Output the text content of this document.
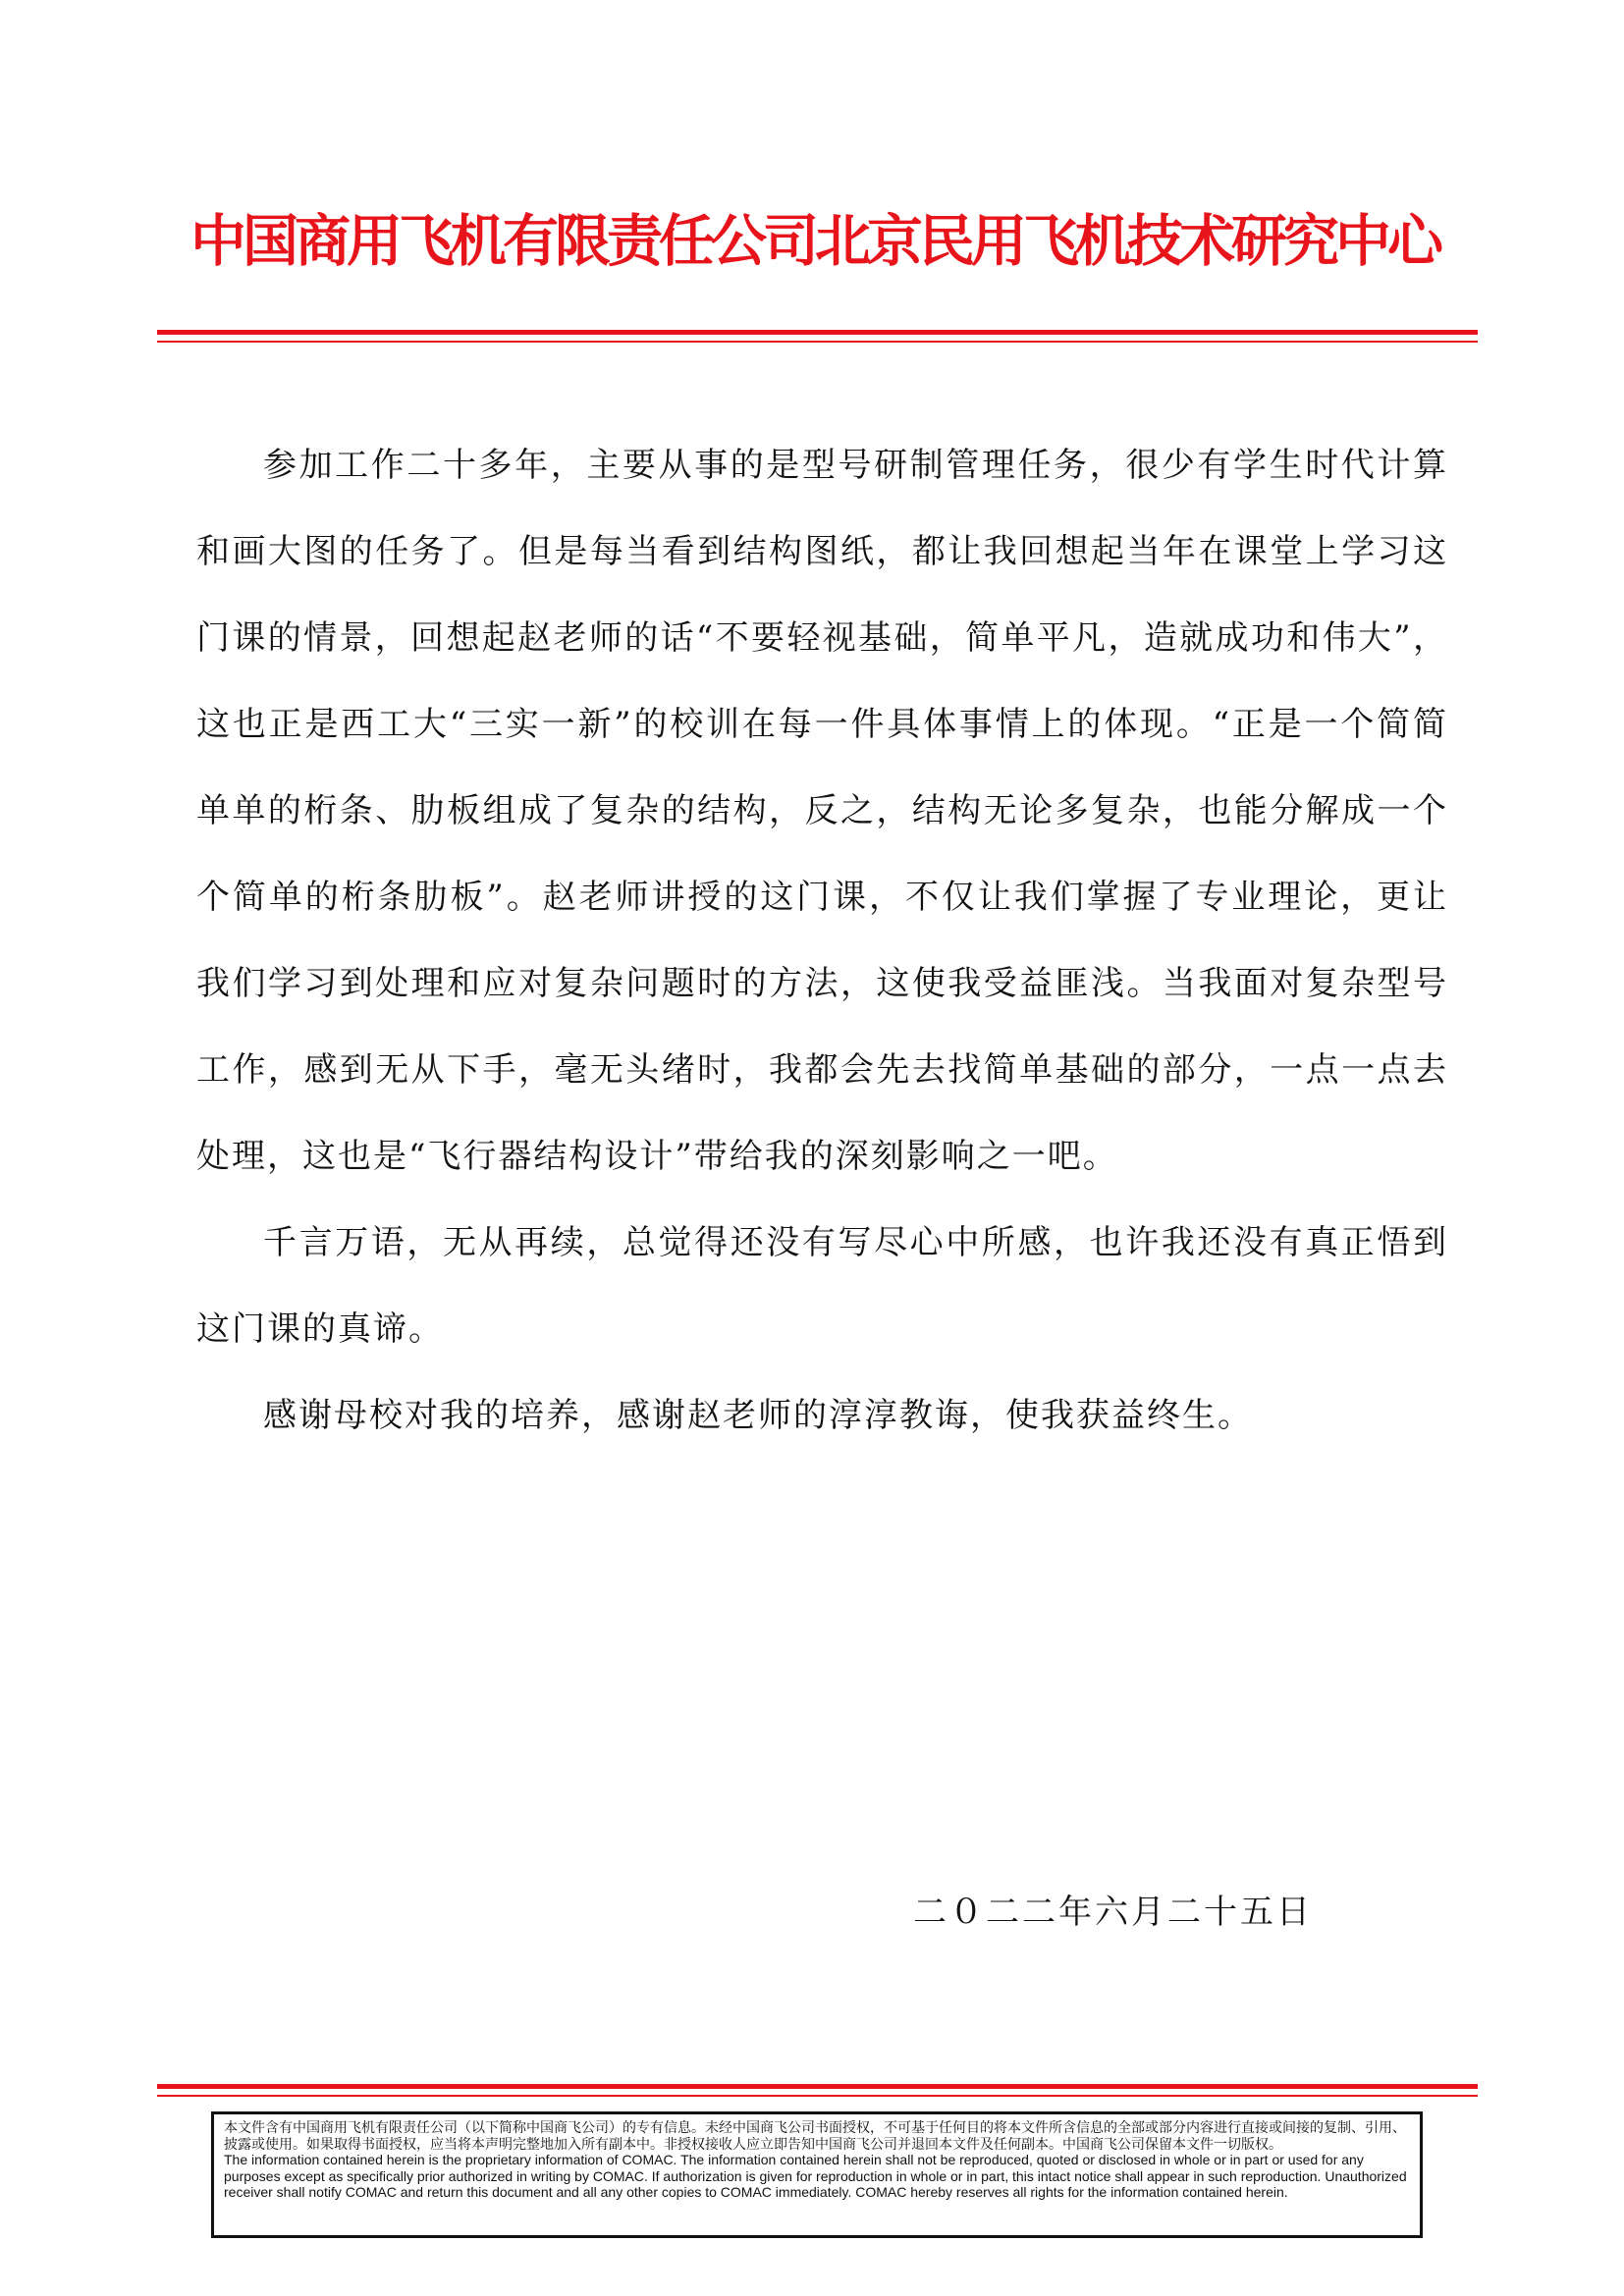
中国商用飞机有限责任公司北京民用飞机技术研究中心

参加工作二十多年，主要从事的是型号研制管理任务，很少有学生时代计算和画大图的任务了。但是每当看到结构图纸，都让我回想起当年在课堂上学习这门课的情景，回想起赵老师的话“不要轻视基础，简单平凡，造就成功和伟大”，这也正是西工大“三实一新”的校训在每一件具体事情上的体现。“正是一个简简单单的桁条、肋板组成了复杂的结构，反之，结构无论多复杂，也能分解成一个个简单的桁条肋板”。赵老师讲授的这门课，不仅让我们掌握了专业理论，更让我们学习到处理和应对复杂问题时的方法，这使我受益匪浅。当我面对复杂型号工作，感到无从下手，毫无头绪时，我都会先去找简单基础的部分，一点一点去处理，这也是“飞行器结构设计”带给我的深刻影响之一吧。

千言万语，无从再续，总觉得还没有写尽心中所感，也许我还没有真正悟到这门课的真谛。

感谢母校对我的培养，感谢赵老师的淳淳教诲，使我获益终生。

二０二二年六月二十五日

本文件含有中国商用飞机有限责任公司（以下简称中国商飞公司）的专有信息。未经中国商飞公司书面授权，不可基于任何目的将本文件所含信息的全部或部分内容进行直接或间接的复制、引用、披露或使用。如果取得书面授权，应当将本声明完整地加入所有副本中。非授权接收人应立即告知中国商飞公司并退回本文件及任何副本。中国商飞公司保留本文件一切版权。

The information contained herein is the proprietary information of COMAC. The information contained herein shall not be reproduced, quoted or disclosed in whole or in part or used for any purposes except as specifically prior authorized in writing by COMAC. If authorization is given for reproduction in whole or in part, this intact notice shall appear in such reproduction. Unauthorized receiver shall notify COMAC and return this document and all any other copies to COMAC immediately. COMAC hereby reserves all rights for the information contained herein.
